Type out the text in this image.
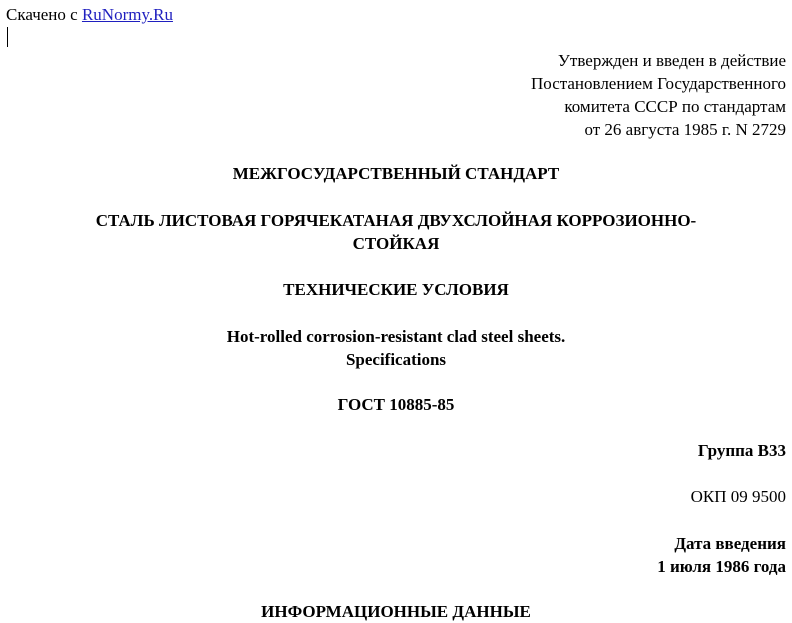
Скачено с RuNormy.Ru
Утвержден и введен в действие
Постановлением Государственного
комитета СССР по стандартам
от 26 августа 1985 г. N 2729
МЕЖГОСУДАРСТВЕННЫЙ СТАНДАРТ
СТАЛЬ ЛИСТОВАЯ ГОРЯЧЕКАТАНАЯ ДВУХСЛОЙНАЯ КОРРОЗИОННО-
СТОЙКАЯ
ТЕХНИЧЕСКИЕ УСЛОВИЯ
Hot-rolled corrosion-resistant clad steel sheets.
Specifications
ГОСТ 10885-85
Группа В33
ОКП 09 9500
Дата введения
1 июля 1986 года
ИНФОРМАЦИОННЫЕ ДАННЫЕ
